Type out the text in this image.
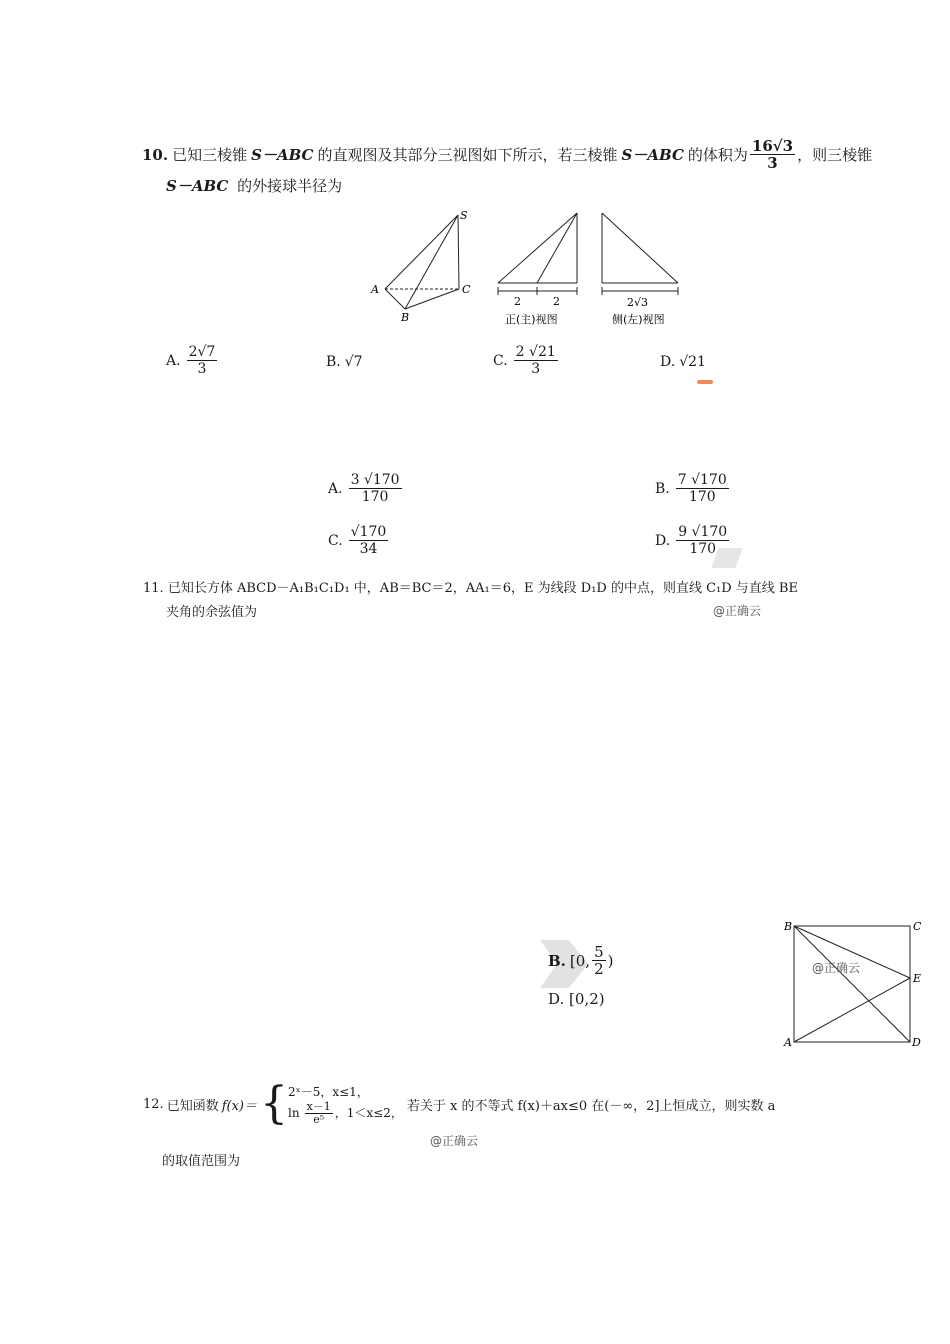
10. 已知三棱锥 S－ABC 的直观图及其部分三视图如下所示，若三棱锥 S－ABC 的体积为 $\frac{16√3}{3}$ ，则三棱锥
S－ABC 的外接球半径为
S
A	C
B
2	2
正(主)视图
2√3
侧(左)视图
A. $\frac{2√7}{3}$	B. √7	C. $\frac{2 √21}{3}$	D. √21
A. $\frac{3 √170}{170}$	B. $\frac{7 √170}{170}$
C. $\frac{√170}{34}$	D. $\frac{9 √170}{170}$
11. 已知长方体 ABCD－A₁B₁C₁D₁ 中，AB＝BC＝2，AA₁＝6，E 为线段 D₁D 的中点，则直线 C₁D 与直线 BE
夹角的余弦值为	@正确云
B. [0, $\frac{5}{2}$ )
D. [0,2)
B	C
E
A	D
@正确云
12. 已知函数 f(x)＝ { 2ˣ－5，x≤1，
$\ln \frac{x-1}{\text{e⁵}}$ ，1＜x≤2， 若关于 x 的不等式 f(x)＋ax≤0 在(－∞，2]上恒成立，则实数 a
@正确云
的取值范围为
